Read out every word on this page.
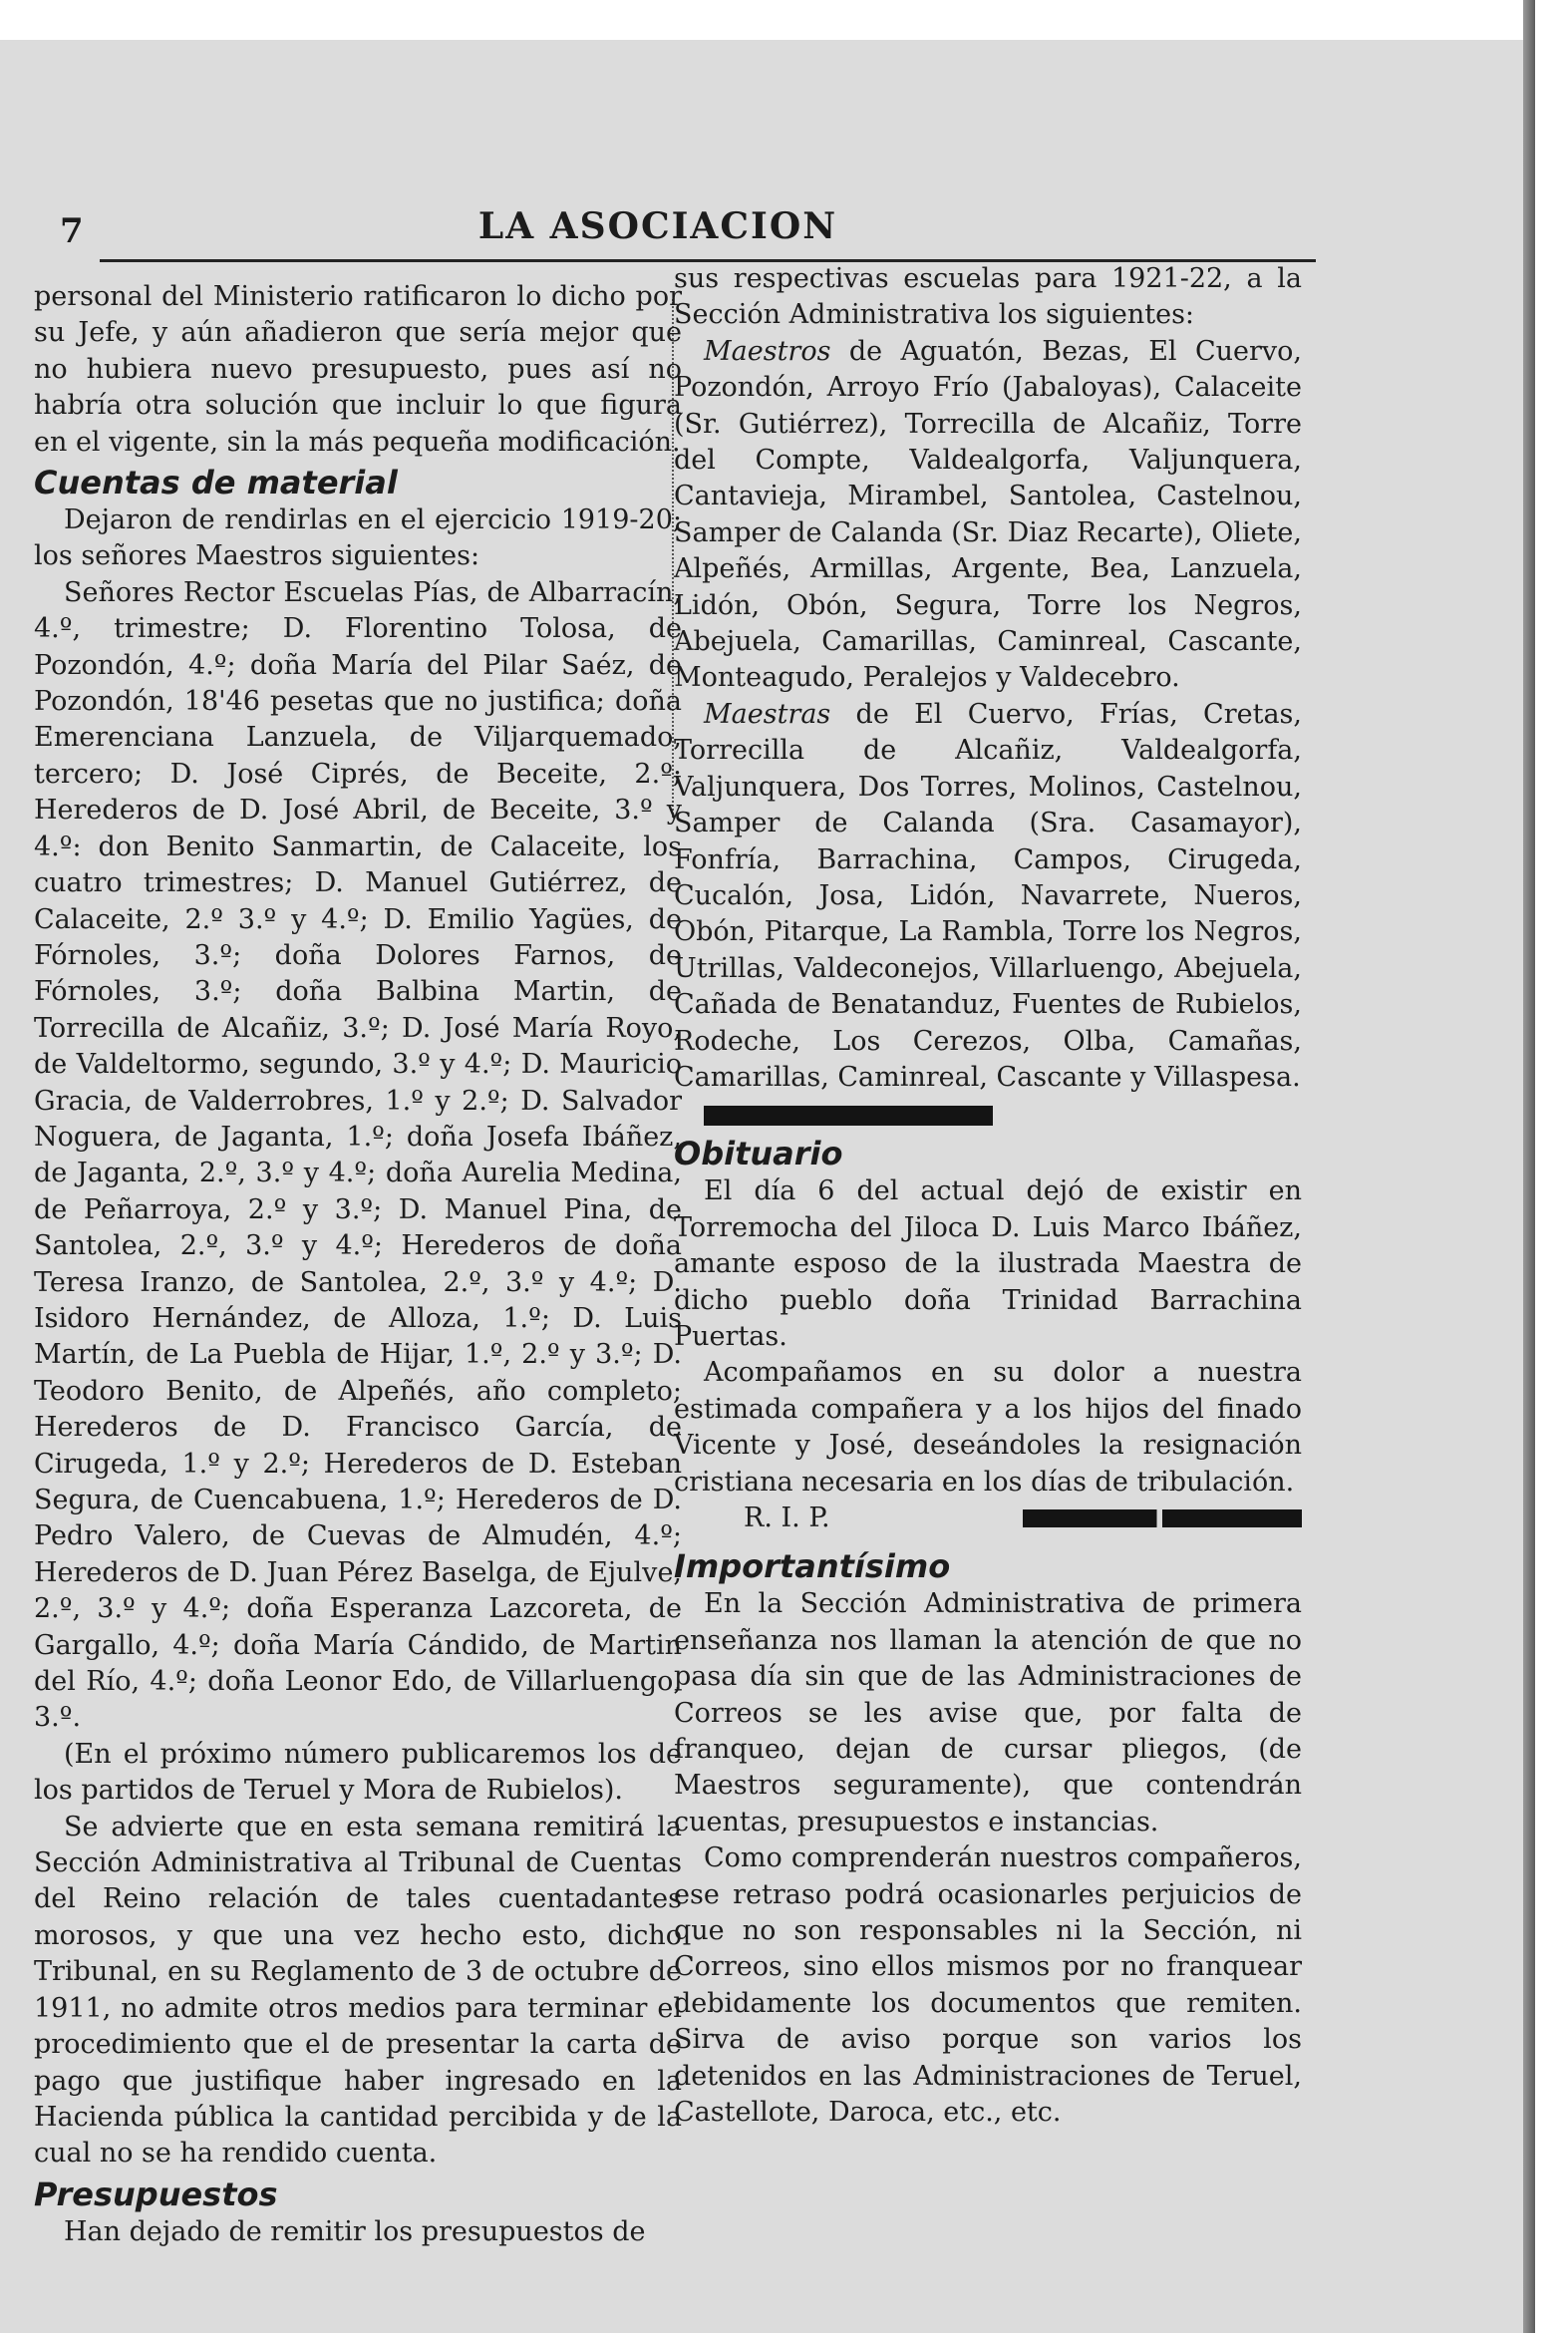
7	LA ASOCIACION

personal del Ministerio ratificaron lo dicho por su Jefe, y aún añadieron que sería mejor que no hubiera nuevo presupuesto, pues así no habría otra solución que incluir lo que figura en el vigente, sin la más pequeña modificación.

Cuentas de material

Dejaron de rendirlas en el ejercicio 1919-20; los señores Maestros siguientes:

Señores Rector Escuelas Pías, de Albarracín, 4.º, trimestre; D. Florentino Tolosa, de Pozondón, 4.º; doña María del Pilar Saéz, de Pozondón, 18'46 pesetas que no justifica; doña Emerenciana Lanzuela, de Viljarquemado, tercero; D. José Ciprés, de Beceite, 2.º; Herederos de D. José Abril, de Beceite, 3.º y 4.º: don Benito Sanmartin, de Calaceite, los cuatro trimestres; D. Manuel Gutiérrez, de Calaceite, 2.º 3.º y 4.º; D. Emilio Yagües, de Fórnoles, 3.º; doña Dolores Farnos, de Fórnoles, 3.º; doña Balbina Martin, de Torrecilla de Alcañiz, 3.º; D. José María Royo, de Valdeltormo, segundo, 3.º y 4.º; D. Mauricio Gracia, de Valderrobres, 1.º y 2.º; D. Salvador Noguera, de Jaganta, 1.º; doña Josefa Ibáñez, de Jaganta, 2.º, 3.º y 4.º; doña Aurelia Medina, de Peñarroya, 2.º y 3.º; D. Manuel Pina, de Santolea, 2.º, 3.º y 4.º; Herederos de doña Teresa Iranzo, de Santolea, 2.º, 3.º y 4.º; D. Isidoro Hernández, de Alloza, 1.º; D. Luis Martín, de La Puebla de Hijar, 1.º, 2.º y 3.º; D. Teodoro Benito, de Alpeñés, año completo; Herederos de D. Francisco García, de Cirugeda, 1.º y 2.º; Herederos de D. Esteban Segura, de Cuencabuena, 1.º; Herederos de D. Pedro Valero, de Cuevas de Almudén, 4.º; Herederos de D. Juan Pérez Baselga, de Ejulve, 2.º, 3.º y 4.º; doña Esperanza Lazcoreta, de Gargallo, 4.º; doña María Cándido, de Martin del Río, 4.º; doña Leonor Edo, de Villarluengo, 3.º.

(En el próximo número publicaremos los de los partidos de Teruel y Mora de Rubielos).

Se advierte que en esta semana remitirá la Sección Administrativa al Tribunal de Cuentas del Reino relación de tales cuentadantes morosos, y que una vez hecho esto, dicho Tribunal, en su Reglamento de 3 de octubre de 1911, no admite otros medios para terminar el procedimiento que el de presentar la carta de pago que justifique haber ingresado en la Hacienda pública la cantidad percibida y de la cual no se ha rendido cuenta.

Presupuestos

Han dejado de remitir los presupuestos de

sus respectivas escuelas para 1921-22, a la Sección Administrativa los siguientes:

Maestros de Aguatón, Bezas, El Cuervo, Pozondón, Arroyo Frío (Jabaloyas), Calaceite (Sr. Gutiérrez), Torrecilla de Alcañiz, Torre del Compte, Valdealgorfa, Valjunquera, Cantavieja, Mirambel, Santolea, Castelnou, Samper de Calanda (Sr. Diaz Recarte), Oliete, Alpeñés, Armillas, Argente, Bea, Lanzuela, Lidón, Obón, Segura, Torre los Negros, Abejuela, Camarillas, Caminreal, Cascante, Monteagudo, Peralejos y Valdecebro.

Maestras de El Cuervo, Frías, Cretas, Torrecilla de Alcañiz, Valdealgorfa, Valjunquera, Dos Torres, Molinos, Castelnou, Samper de Calanda (Sra. Casamayor), Fonfría, Barrachina, Campos, Cirugeda, Cucalón, Josa, Lidón, Navarrete, Nueros, Obón, Pitarque, La Rambla, Torre los Negros, Utrillas, Valdeconejos, Villarluengo, Abejuela, Cañada de Benatanduz, Fuentes de Rubielos, Rodeche, Los Cerezos, Olba, Camañas, Camarillas, Caminreal, Cascante y Villaspesa.

Obituario

El día 6 del actual dejó de existir en Torremocha del Jiloca D. Luis Marco Ibáñez, amante esposo de la ilustrada Maestra de dicho pueblo doña Trinidad Barrachina Puertas.

Acompañamos en su dolor a nuestra estimada compañera y a los hijos del finado Vicente y José, deseándoles la resignación cristiana necesaria en los días de tribulación.

R. I. P.
Importantísimo

En la Sección Administrativa de primera enseñanza nos llaman la atención de que no pasa día sin que de las Administraciones de Correos se les avise que, por falta de franqueo, dejan de cursar pliegos, (de Maestros seguramente), que contendrán cuentas, presupuestos e instancias.

Como comprenderán nuestros compañeros, ese retraso podrá ocasionarles perjuicios de que no son responsables ni la Sección, ni Correos, sino ellos mismos por no franquear debidamente los documentos que remiten. Sirva de aviso porque son varios los detenidos en las Administraciones de Teruel, Castellote, Daroca, etc., etc.
